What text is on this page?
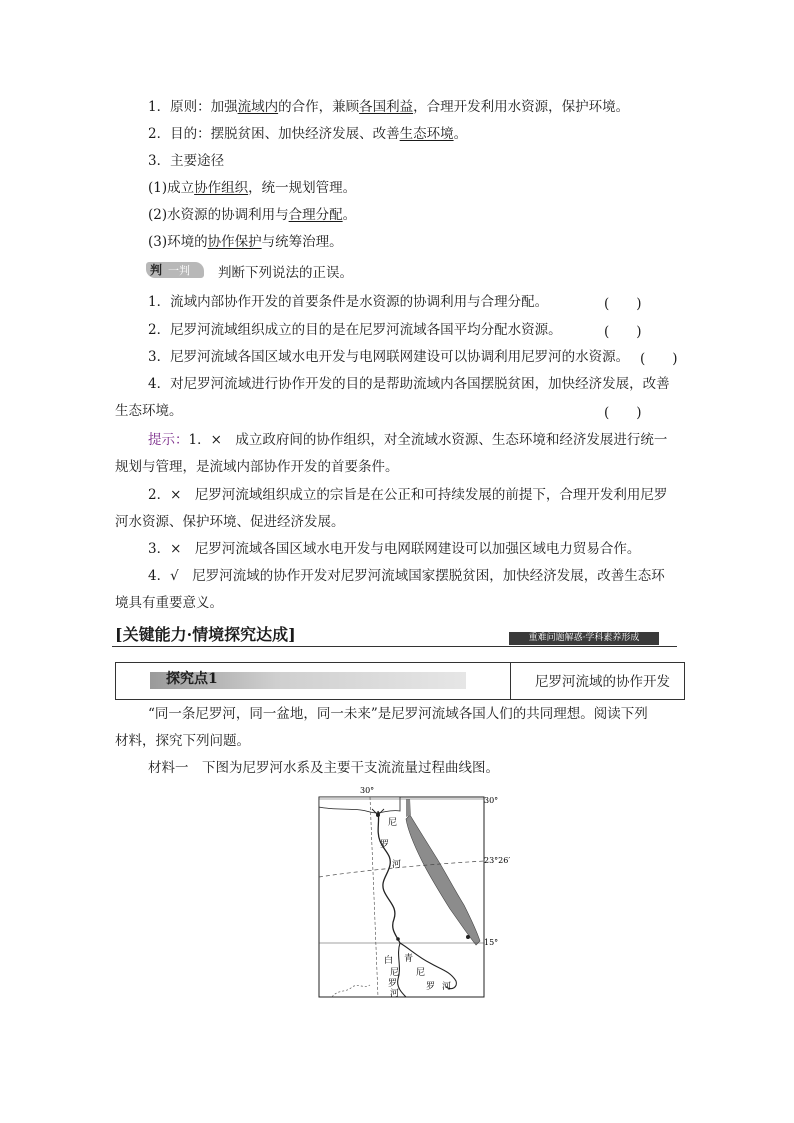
1．原则：加强流域内的合作，兼顾各国利益，合理开发利用水资源，保护环境。
2．目的：摆脱贫困、加快经济发展、改善生态环境。
3．主要途径
(1)成立协作组织，统一规划管理。
(2)水资源的协调利用与合理分配。
(3)环境的协作保护与统筹治理。
判 一判 判断下列说法的正误。
1．流域内部协作开发的首要条件是水资源的协调利用与合理分配。	(　　)
2．尼罗河流域组织成立的目的是在尼罗河流域各国平均分配水资源。	(　　)
3．尼罗河流域各国区域水电开发与电网联网建设可以协调利用尼罗河的水资源。 (　　)
4．对尼罗河流域进行协作开发的目的是帮助流域内各国摆脱贫困，加快经济发展，改善
生态环境。	(　　)
提示：1．×　成立政府间的协作组织，对全流域水资源、生态环境和经济发展进行统一
规划与管理，是流域内部协作开发的首要条件。
2．×　尼罗河流域组织成立的宗旨是在公正和可持续发展的前提下，合理开发利用尼罗
河水资源、保护环境、促进经济发展。
3．×　尼罗河流域各国区域水电开发与电网联网建设可以加强区域电力贸易合作。
4．√　尼罗河流域的协作开发对尼罗河流域国家摆脱贫困，加快经济发展，改善生态环
境具有重要意义。
[关键能力·情境探究达成]	重难问题解惑·学科素养形成
探究点1	尼罗河流域的协作开发
“同一条尼罗河，同一盆地，同一未来”是尼罗河流域各国人们的共同理想。阅读下列
材料，探究下列问题。
材料一　下图为尼罗河水系及主要干支流流量过程曲线图。
30°
30°
23°26′
15°
尼
罗
河
青
尼
罗 河
白
尼
罗
河
